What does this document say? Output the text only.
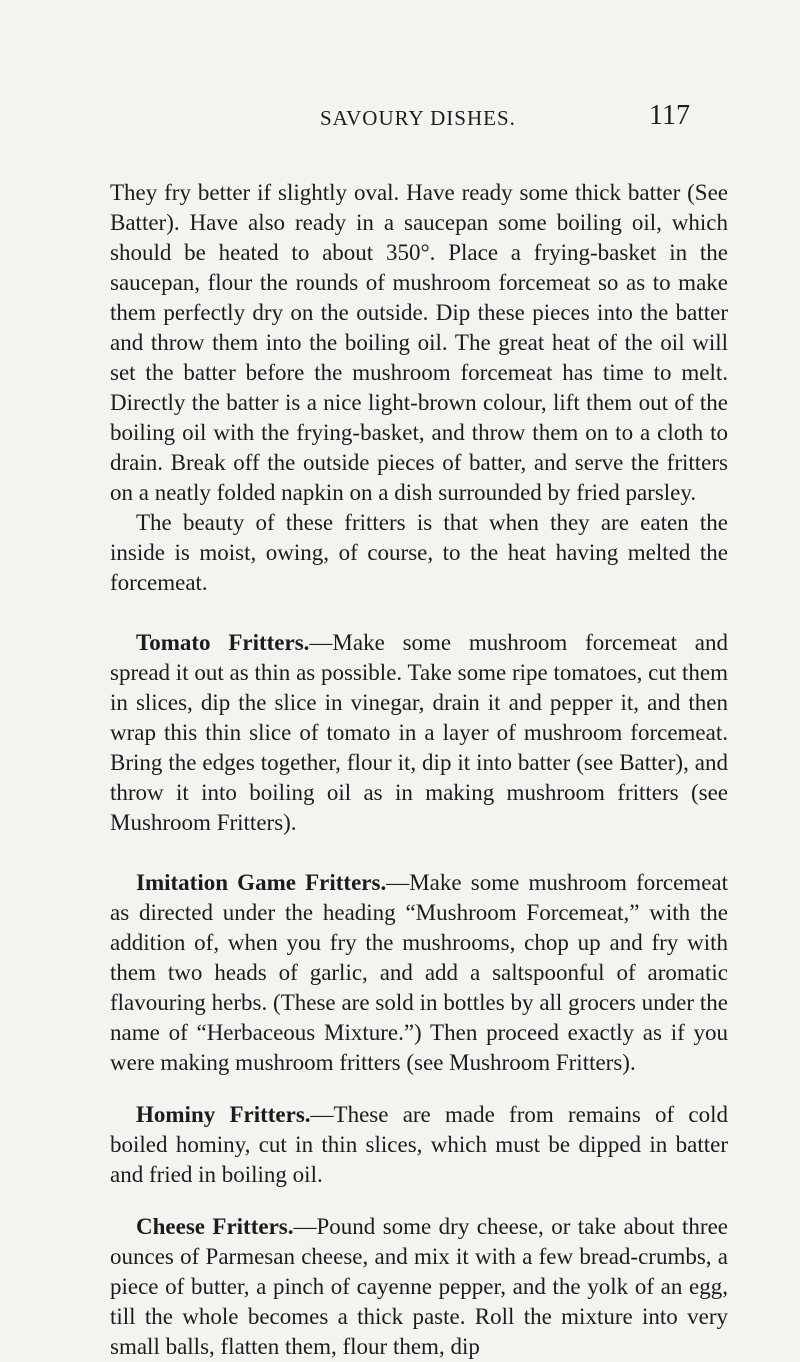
SAVOURY DISHES.	117

They fry better if slightly oval. Have ready some thick batter (See Batter). Have also ready in a saucepan some boiling oil, which should be heated to about 350°. Place a frying-basket in the saucepan, flour the rounds of mushroom forcemeat so as to make them perfectly dry on the outside. Dip these pieces into the batter and throw them into the boiling oil. The great heat of the oil will set the batter before the mushroom forcemeat has time to melt. Directly the batter is a nice light-brown colour, lift them out of the boiling oil with the frying-basket, and throw them on to a cloth to drain. Break off the outside pieces of batter, and serve the fritters on a neatly folded napkin on a dish surrounded by fried parsley.

The beauty of these fritters is that when they are eaten the inside is moist, owing, of course, to the heat having melted the forcemeat.

Tomato Fritters.—Make some mushroom forcemeat and spread it out as thin as possible. Take some ripe tomatoes, cut them in slices, dip the slice in vinegar, drain it and pepper it, and then wrap this thin slice of tomato in a layer of mushroom forcemeat. Bring the edges together, flour it, dip it into batter (see Batter), and throw it into boiling oil as in making mushroom fritters (see Mushroom Fritters).

Imitation Game Fritters.—Make some mushroom forcemeat as directed under the heading “Mushroom Forcemeat,” with the addition of, when you fry the mushrooms, chop up and fry with them two heads of garlic, and add a saltspoonful of aromatic flavouring herbs. (These are sold in bottles by all grocers under the name of “Herbaceous Mixture.”) Then proceed exactly as if you were making mushroom fritters (see Mushroom Fritters).

Hominy Fritters.—These are made from remains of cold boiled hominy, cut in thin slices, which must be dipped in batter and fried in boiling oil.

Cheese Fritters.—Pound some dry cheese, or take about three ounces of Parmesan cheese, and mix it with a few bread-crumbs, a piece of butter, a pinch of cayenne pepper, and the yolk of an egg, till the whole becomes a thick paste. Roll the mixture into very small balls, flatten them, flour them, dip
